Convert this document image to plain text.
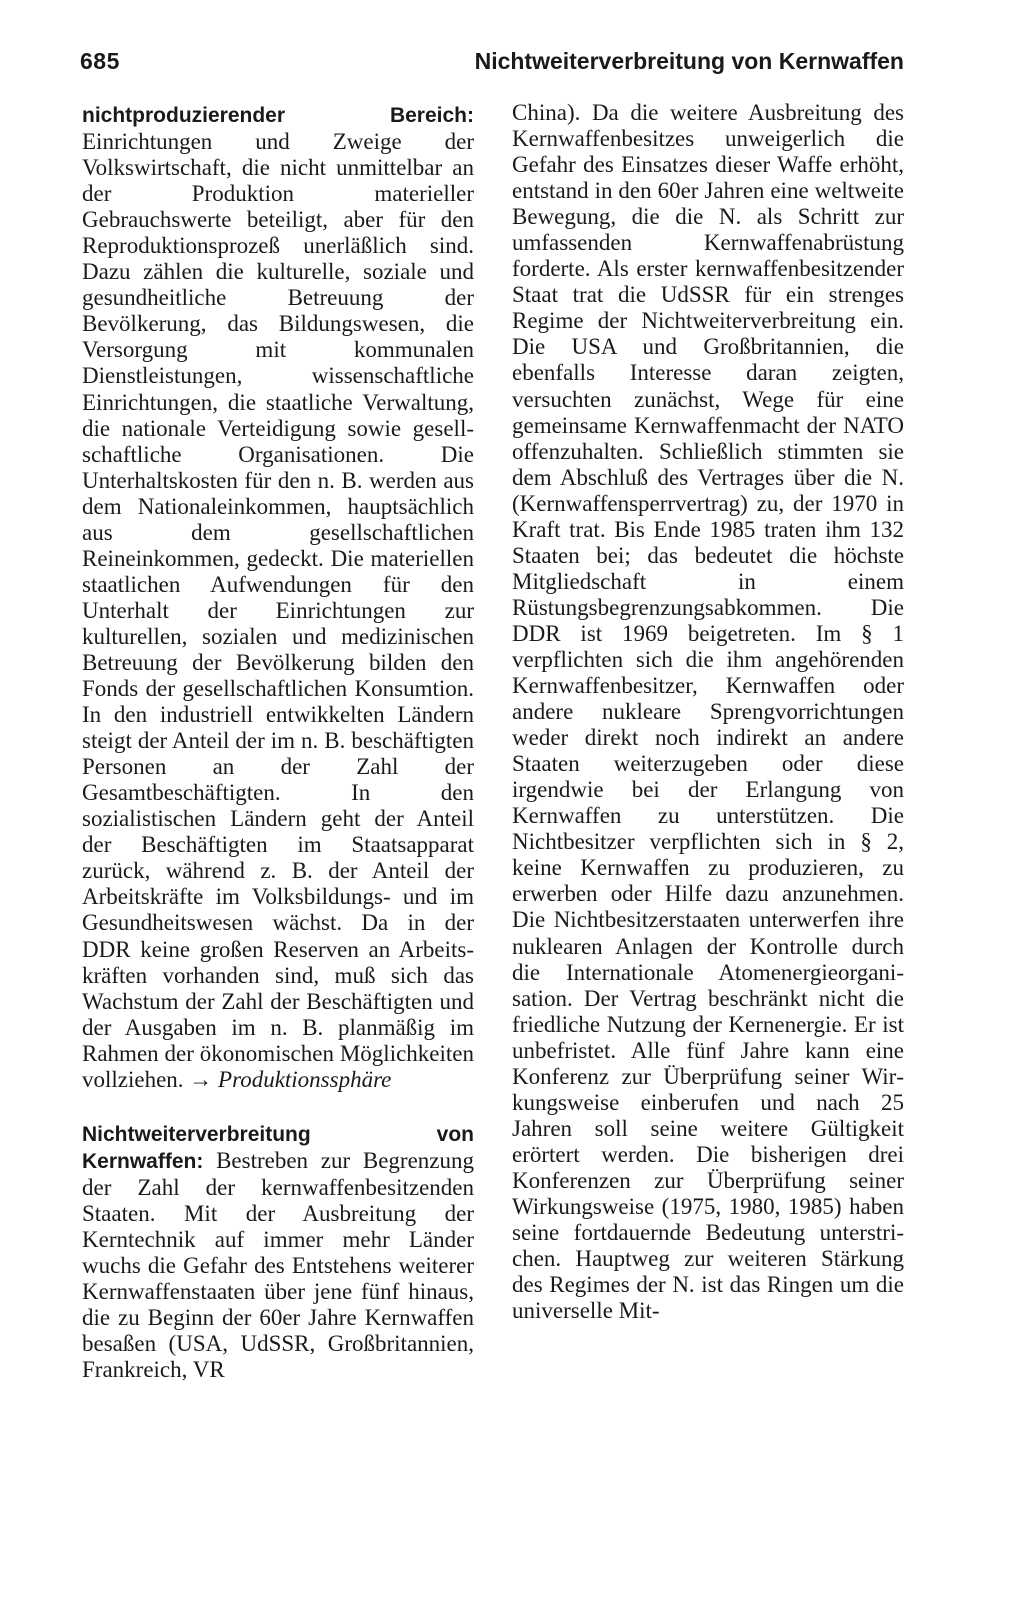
685	Nichtweiterverbreitung von Kernwaffen

nichtproduzierender Bereich: Einrichtungen und Zweige der Volkswirtschaft, die nicht unmittelbar an der Produktion materieller Gebrauchswerte beteiligt, aber für den Reproduktionsprozeß unerläßlich sind. Dazu zählen die kulturelle, soziale und gesundheitliche Betreuung der Bevölkerung, das Bildungswesen, die Versorgung mit kommunalen Dienstleistungen, wissenschaftliche Einrichtungen, die staatliche Verwaltung, die nationale Verteidigung sowie gesellschaftliche Organisationen. Die Unterhaltskosten für den n. B. werden aus dem Nationaleinkommen, hauptsächlich aus dem gesellschaftlichen Reineinkommen, gedeckt. Die materiellen staatlichen Aufwendungen für den Unterhalt der Einrichtungen zur kulturellen, sozialen und medizinischen Betreuung der Bevölkerung bilden den Fonds der gesellschaftlichen Konsumtion. In den industriell entwikkelten Ländern steigt der Anteil der im n. B. beschäftigten Personen an der Zahl der Gesamtbeschäftigten. In den sozialistischen Ländern geht der Anteil der Beschäftigten im Staatsapparat zurück, während z. B. der Anteil der Arbeitskräfte im Volksbildungs- und im Gesundheitswesen wächst. Da in der DDR keine großen Reserven an Arbeitskräften vorhanden sind, muß sich das Wachstum der Zahl der Beschäftigten und der Ausgaben im n. B. planmäßig im Rahmen der ökonomischen Möglichkeiten vollziehen. → Produktionssphäre

Nichtweiterverbreitung von Kernwaffen: Bestreben zur Begrenzung der Zahl der kernwaffenbesitzenden Staaten. Mit der Ausbreitung der Kerntechnik auf immer mehr Länder wuchs die Gefahr des Entstehens weiterer Kernwaffenstaaten über jene fünf hinaus, die zu Beginn der 60er Jahre Kernwaffen besaßen (USA, UdSSR, Großbritannien, Frankreich, VR

China). Da die weitere Ausbreitung des Kernwaffenbesitzes unweigerlich die Gefahr des Einsatzes dieser Waffe erhöht, entstand in den 60er Jahren eine weltweite Bewegung, die die N. als Schritt zur umfassenden Kernwaffenabrüstung forderte. Als erster kernwaffenbesitzender Staat trat die UdSSR für ein strenges Regime der Nichtweiterverbreitung ein. Die USA und Großbritannien, die ebenfalls Interesse daran zeigten, versuchten zunächst, Wege für eine gemeinsame Kernwaffenmacht der NATO offenzuhalten. Schließlich stimmten sie dem Abschluß des Vertrages über die N. (Kernwaffensperrvertrag) zu, der 1970 in Kraft trat. Bis Ende 1985 traten ihm 132 Staaten bei; das bedeutet die höchste Mitgliedschaft in einem Rüstungsbegrenzungsabkommen. Die DDR ist 1969 beigetreten. Im § 1 verpflichten sich die ihm angehörenden Kernwaffenbesitzer, Kernwaffen oder andere nukleare Sprengvorrichtungen weder direkt noch indirekt an andere Staaten weiterzugeben oder diese irgendwie bei der Erlangung von Kernwaffen zu unterstützen. Die Nichtbesitzer verpflichten sich in § 2, keine Kernwaffen zu produzieren, zu erwerben oder Hilfe dazu anzunehmen. Die Nichtbesitzerstaaten unterwerfen ihre nuklearen Anlagen der Kontrolle durch die Internationale Atomenergieorganisation. Der Vertrag beschränkt nicht die friedliche Nutzung der Kernenergie. Er ist unbefristet. Alle fünf Jahre kann eine Konferenz zur Überprüfung seiner Wirkungsweise einberufen und nach 25 Jahren soll seine weitere Gültigkeit erörtert werden. Die bisherigen drei Konferenzen zur Überprüfung seiner Wirkungsweise (1975, 1980, 1985) haben seine fortdauernde Bedeutung unterstrichen. Hauptweg zur weiteren Stärkung des Regimes der N. ist das Ringen um die universelle Mit-
